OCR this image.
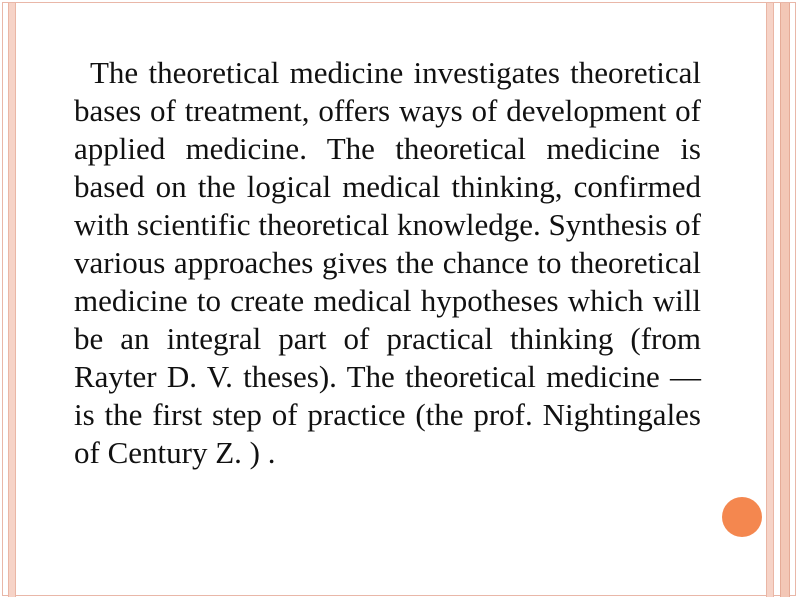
The theoretical medicine investigates theoretical bases of treatment, offers ways of development of applied medicine. The theoretical medicine is based on the logical medical thinking, confirmed with scientific theoretical knowledge. Synthesis of various approaches gives the chance to theoretical medicine to create medical hypotheses which will be an integral part of practical thinking (from Rayter D. V. theses). The theoretical medicine — is the first step of practice (the prof. Nightingales of Century Z. ) .
